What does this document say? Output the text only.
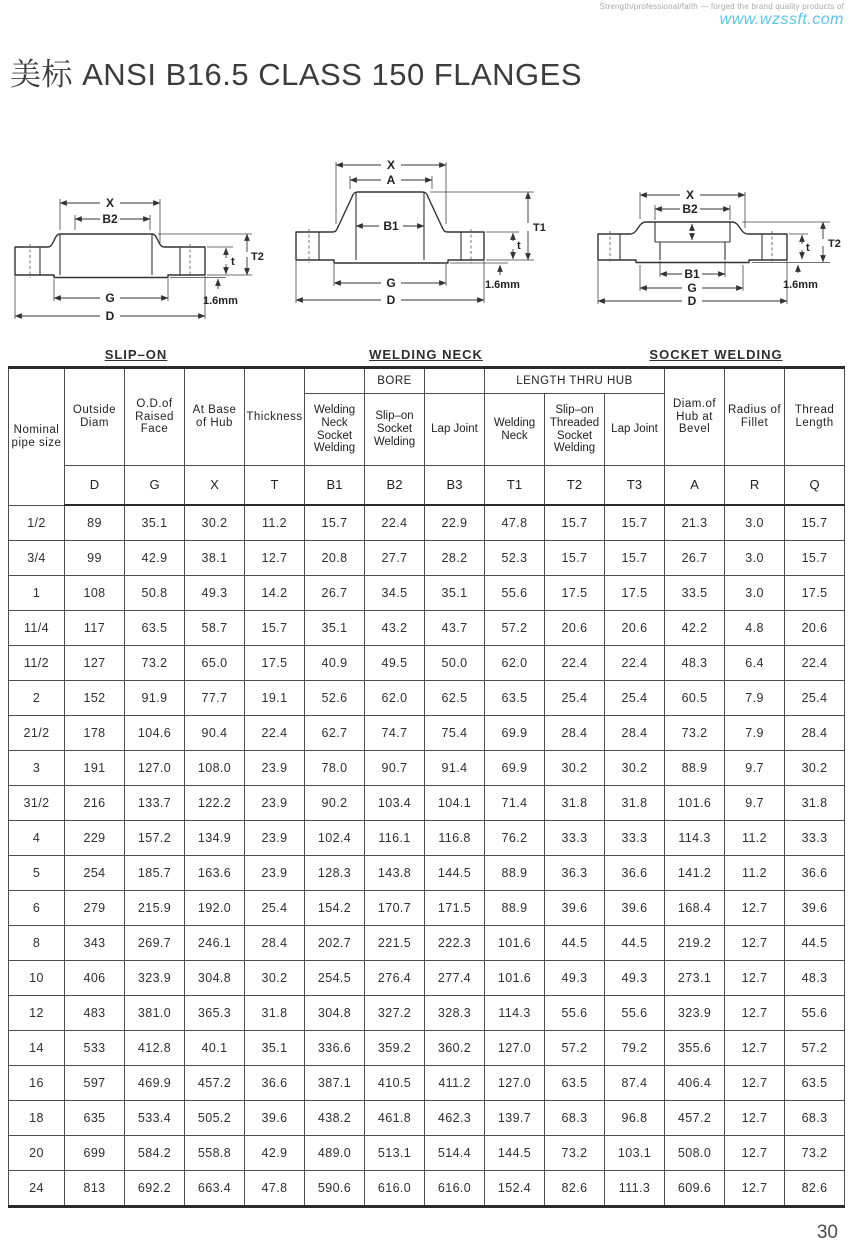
Strength/professional/faith — forged the brand quality products of
www.wzssft.com
美标 ANSI B16.5 CLASS 150 FLANGES
X
B2
t T2
1.6mm
G
D
SLIP–ON
X
A
B1	T1
t
1.6mm
G
D
WELDING NECK
X
B2
t T2
1.6mm
B1
G
D
SOCKET WELDING
Nominal pipe size	Outside Diam	O.D.of Raised Face	At Base of Hub	Thickness		BORE		LENGTH THRU HUB			Diam.of Hub at Bevel	Radius of Fillet	Thread Length
					Welding Neck Socket Welding	Slip–on Socket Welding	Lap Joint	Welding Neck	Slip–on Threaded Socket Welding	Lap Joint			
	D	G	X	T	B1	B2	B3	T1	T2	T3	A	R	Q
1/2	89	35.1	30.2	11.2	15.7	22.4	22.9	47.8	15.7	15.7	21.3	3.0	15.7
3/4	99	42.9	38.1	12.7	20.8	27.7	28.2	52.3	15.7	15.7	26.7	3.0	15.7
1	108	50.8	49.3	14.2	26.7	34.5	35.1	55.6	17.5	17.5	33.5	3.0	17.5
11/4	117	63.5	58.7	15.7	35.1	43.2	43.7	57.2	20.6	20.6	42.2	4.8	20.6
11/2	127	73.2	65.0	17.5	40.9	49.5	50.0	62.0	22.4	22.4	48.3	6.4	22.4
2	152	91.9	77.7	19.1	52.6	62.0	62.5	63.5	25.4	25.4	60.5	7.9	25.4
21/2	178	104.6	90.4	22.4	62.7	74.7	75.4	69.9	28.4	28.4	73.2	7.9	28.4
3	191	127.0	108.0	23.9	78.0	90.7	91.4	69.9	30.2	30.2	88.9	9.7	30.2
31/2	216	133.7	122.2	23.9	90.2	103.4	104.1	71.4	31.8	31.8	101.6	9.7	31.8
4	229	157.2	134.9	23.9	102.4	116.1	116.8	76.2	33.3	33.3	114.3	11.2	33.3
5	254	185.7	163.6	23.9	128.3	143.8	144.5	88.9	36.3	36.6	141.2	11.2	36.6
6	279	215.9	192.0	25.4	154.2	170.7	171.5	88.9	39.6	39.6	168.4	12.7	39.6
8	343	269.7	246.1	28.4	202.7	221.5	222.3	101.6	44.5	44.5	219.2	12.7	44.5
10	406	323.9	304.8	30.2	254.5	276.4	277.4	101.6	49.3	49.3	273.1	12.7	48.3
12	483	381.0	365.3	31.8	304.8	327.2	328.3	114.3	55.6	55.6	323.9	12.7	55.6
14	533	412.8	40.1	35.1	336.6	359.2	360.2	127.0	57.2	79.2	355.6	12.7	57.2
16	597	469.9	457.2	36.6	387.1	410.5	411.2	127.0	63.5	87.4	406.4	12.7	63.5
18	635	533.4	505.2	39.6	438.2	461.8	462.3	139.7	68.3	96.8	457.2	12.7	68.3
20	699	584.2	558.8	42.9	489.0	513.1	514.4	144.5	73.2	103.1	508.0	12.7	73.2
24	813	692.2	663.4	47.8	590.6	616.0	616.0	152.4	82.6	111.3	609.6	12.7	82.6
30
